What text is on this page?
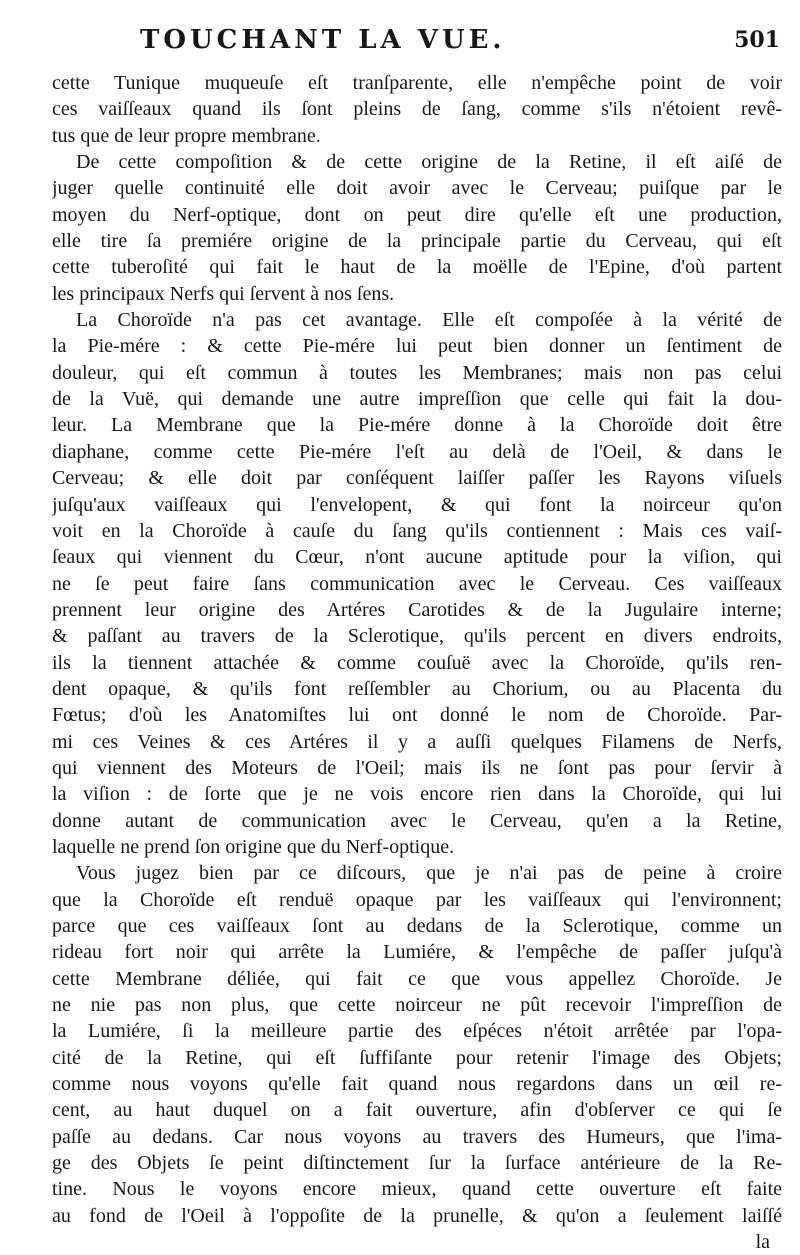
TOUCHANT LA VUE.	501
cette Tunique muqueuſe eſt tranſparente, elle n'empêche point de voir
ces vaiſſeaux quand ils ſont pleins de ſang, comme s'ils n'étoient revê-
tus que de leur propre membrane.
De cette compoſition & de cette origine de la Retine, il eſt aiſé de
juger quelle continuité elle doit avoir avec le Cerveau; puiſque par le
moyen du Nerf-optique, dont on peut dire qu'elle eſt une production,
elle tire ſa premiére origine de la principale partie du Cerveau, qui eſt
cette tuberoſité qui fait le haut de la moëlle de l'Epine, d'où partent
les principaux Nerfs qui ſervent à nos ſens.
La Choroïde n'a pas cet avantage. Elle eſt compoſée à la vérité de
la Pie-mére : & cette Pie-mére lui peut bien donner un ſentiment de
douleur, qui eſt commun à toutes les Membranes; mais non pas celui
de la Vuë, qui demande une autre impreſſion que celle qui fait la dou-
leur. La Membrane que la Pie-mére donne à la Choroïde doit être
diaphane, comme cette Pie-mére l'eſt au delà de l'Oeil, & dans le
Cerveau; & elle doit par conſéquent laiſſer paſſer les Rayons viſuels
juſqu'aux vaiſſeaux qui l'envelopent, & qui font la noirceur qu'on
voit en la Choroïde à cauſe du ſang qu'ils contiennent : Mais ces vaiſ-
ſeaux qui viennent du Cœur, n'ont aucune aptitude pour la viſion, qui
ne ſe peut faire ſans communication avec le Cerveau. Ces vaiſſeaux
prennent leur origine des Artéres Carotides & de la Jugulaire interne;
& paſſant au travers de la Sclerotique, qu'ils percent en divers endroits,
ils la tiennent attachée & comme couſuë avec la Choroïde, qu'ils ren-
dent opaque, & qu'ils font reſſembler au Chorium, ou au Placenta du
Fœtus; d'où les Anatomiſtes lui ont donné le nom de Choroïde. Par-
mi ces Veines & ces Artéres il y a auſſi quelques Filamens de Nerfs,
qui viennent des Moteurs de l'Oeil; mais ils ne ſont pas pour ſervir à
la viſion : de ſorte que je ne vois encore rien dans la Choroïde, qui lui
donne autant de communication avec le Cerveau, qu'en a la Retine,
laquelle ne prend ſon origine que du Nerf-optique.
Vous jugez bien par ce diſcours, que je n'ai pas de peine à croire
que la Choroïde eſt renduë opaque par les vaiſſeaux qui l'environnent;
parce que ces vaiſſeaux ſont au dedans de la Sclerotique, comme un
rideau fort noir qui arrête la Lumiére, & l'empêche de paſſer juſqu'à
cette Membrane déliée, qui fait ce que vous appellez Choroïde. Je
ne nie pas non plus, que cette noirceur ne pût recevoir l'impreſſion de
la Lumiére, ſi la meilleure partie des eſpéces n'étoit arrêtée par l'opa-
cité de la Retine, qui eſt ſuffiſante pour retenir l'image des Objets;
comme nous voyons qu'elle fait quand nous regardons dans un œil re-
cent, au haut duquel on a fait ouverture, afin d'obſerver ce qui ſe
paſſe au dedans. Car nous voyons au travers des Humeurs, que l'ima-
ge des Objets ſe peint diſtinctement ſur la ſurface antérieure de la Re-
tine. Nous le voyons encore mieux, quand cette ouverture eſt faite
au fond de l'Oeil à l'oppoſite de la prunelle, & qu'on a ſeulement laiſſé
la
